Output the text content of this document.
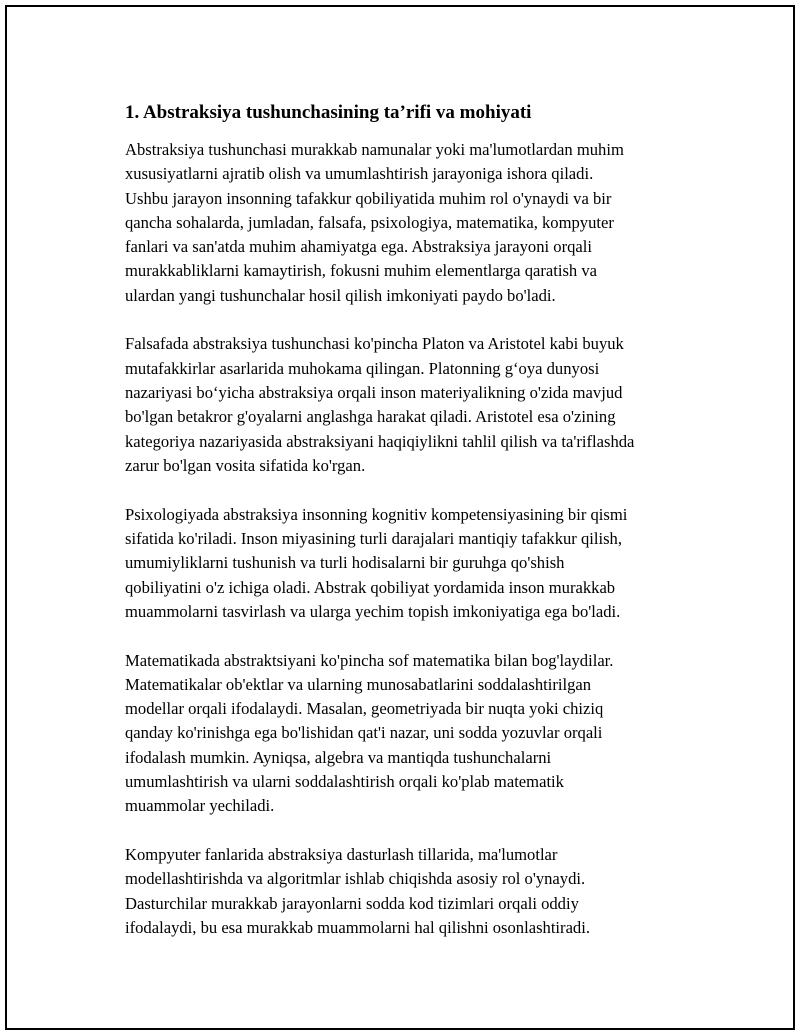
1. Abstraksiya tushunchasining ta’rifi va mohiyati

Abstraksiya tushunchasi murakkab namunalar yoki ma'lumotlardan muhim
xususiyatlarni ajratib olish va umumlashtirish jarayoniga ishora qiladi.
Ushbu jarayon insonning tafakkur qobiliyatida muhim rol o'ynaydi va bir
qancha sohalarda, jumladan, falsafa, psixologiya, matematika, kompyuter
fanlari va san'atda muhim ahamiyatga ega. Abstraksiya jarayoni orqali
murakkabliklarni kamaytirish, fokusni muhim elementlarga qaratish va
ulardan yangi tushunchalar hosil qilish imkoniyati paydo bo'ladi.

Falsafada abstraksiya tushunchasi ko'pincha Platon va Aristotel kabi buyuk
mutafakkirlar asarlarida muhokama qilingan. Platonning g‘oya dunyosi
nazariyasi bo‘yicha abstraksiya orqali inson materiyalikning o'zida mavjud
bo'lgan betakror g'oyalarni anglashga harakat qiladi. Aristotel esa o'zining
kategoriya nazariyasida abstraksiyani haqiqiylikni tahlil qilish va ta'riflashda
zarur bo'lgan vosita sifatida ko'rgan.

Psixologiyada abstraksiya insonning kognitiv kompetensiyasining bir qismi
sifatida ko'riladi. Inson miyasining turli darajalari mantiqiy tafakkur qilish,
umumiyliklarni tushunish va turli hodisalarni bir guruhga qo'shish
qobiliyatini o'z ichiga oladi. Abstrak qobiliyat yordamida inson murakkab
muammolarni tasvirlash va ularga yechim topish imkoniyatiga ega bo'ladi.

Matematikada abstraktsiyani ko'pincha sof matematika bilan bog'laydilar.
Matematikalar ob'ektlar va ularning munosabatlarini soddalashtirilgan
modellar orqali ifodalaydi. Masalan, geometriyada bir nuqta yoki chiziq
qanday ko'rinishga ega bo'lishidan qat'i nazar, uni sodda yozuvlar orqali
ifodalash mumkin. Ayniqsa, algebra va mantiqda tushunchalarni
umumlashtirish va ularni soddalashtirish orqali ko'plab matematik
muammolar yechiladi.

Kompyuter fanlarida abstraksiya dasturlash tillarida, ma'lumotlar
modellashtirishda va algoritmlar ishlab chiqishda asosiy rol o'ynaydi.
Dasturchilar murakkab jarayonlarni sodda kod tizimlari orqali oddiy
ifodalaydi, bu esa murakkab muammolarni hal qilishni osonlashtiradi.
